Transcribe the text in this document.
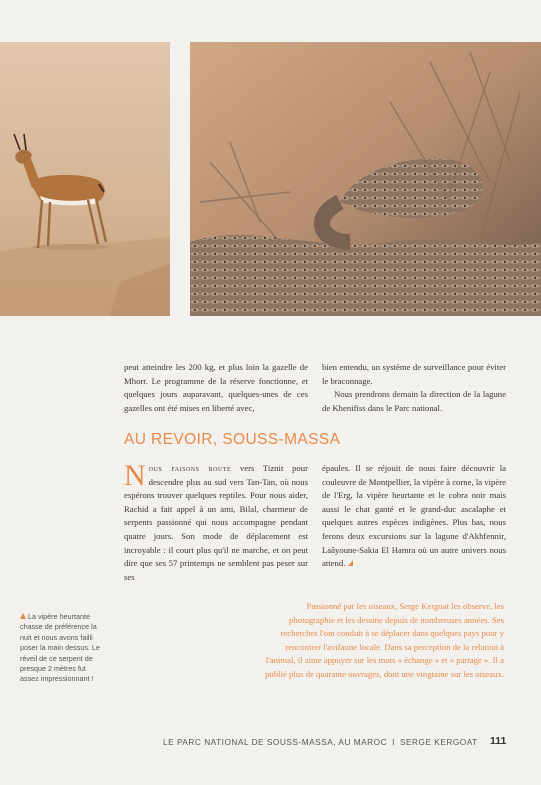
peut atteindre les 200 kg, et plus loin la gazelle de Mhorr. Le programme de la réserve fonctionne, et quelques jours auparavant, quelques-unes de ces gazelles ont été mises en liberté avec,

bien entendu, un système de surveillance pour éviter le braconnage.

Nous prendrons demain la direction de la lagune de Khenifiss dans le Parc national.

AU REVOIR, SOUSS-MASSA

Nous faisons route vers Tiznit pour descendre plus au sud vers Tan-Tan, où nous espérons trouver quelques reptiles. Pour nous aider, Rachid a fait appel à un ami, Bilal, charmeur de serpents passionné qui nous accompagne pendant quatre jours. Son mode de déplacement est incroyable : il court plus qu'il ne marche, et on peut dire que ses 57 printemps ne semblent pas peser sur ses

épaules. Il se réjouit de nous faire découvrir la couleuvre de Montpellier, la vipère à corne, la vipère de l'Erg, la vipère heurtante et le cobra noir mais aussi le chat ganté et le grand-duc ascalaphe et quelques autres espèces indigènes. Plus bas, nous ferons deux excursions sur la lagune d'Akhfennir, Laâyoune-Sakia El Hamra où un autre univers nous attend.

La vipère heurtante chasse de préférence la nuit et nous avons failli poser la main dessus. Le réveil de ce serpent de presque 2 mètres fut assez impressionnant !
Passionné par les oiseaux, Serge Kergoat les observe, les photographie et les dessine depuis de nombreuses années. Ses recherches l'ont conduit à se déplacer dans quelques pays pour y rencontrer l'avifaune locale. Dans sa perception de la relation à l'animal, il aime appuyer sur les mots « échange » et « partage ». Il a publié plus de quarante ouvrages, dont une vingtaine sur les oiseaux.
LE PARC NATIONAL DE SOUSS-MASSA, AU MAROC I SERGE KERGOAT	111
